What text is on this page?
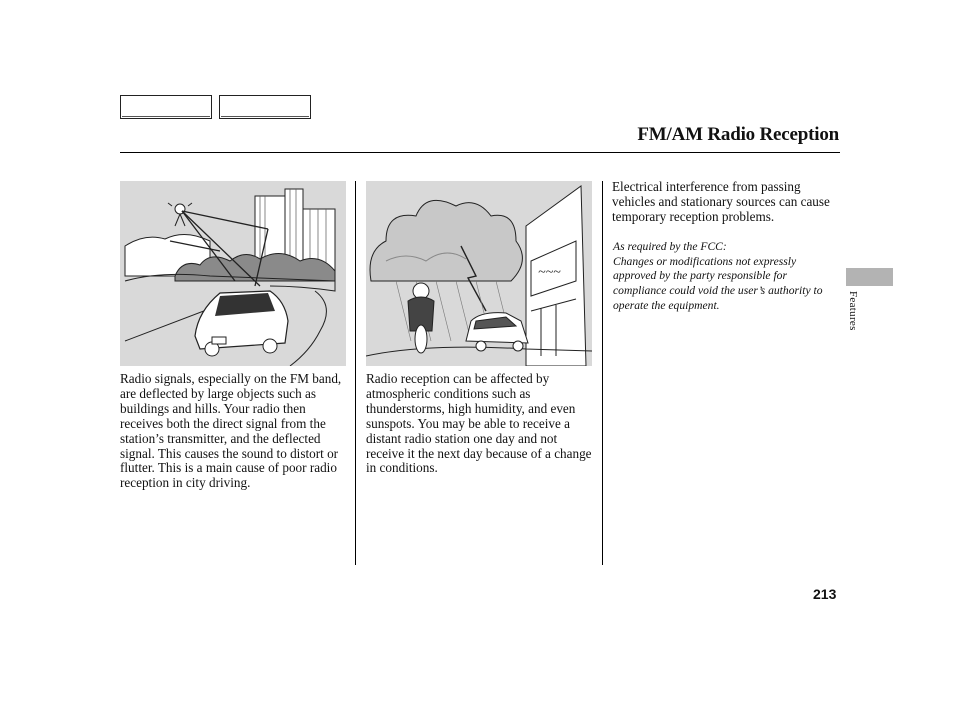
FM/AM Radio Reception
~~~

Radio signals, especially on the FM band, are deflected by large objects such as buildings and hills. Your radio then receives both the direct signal from the station’s transmitter, and the deflected signal. This causes the sound to distort or flutter. This is a main cause of poor radio reception in city driving.

Radio reception can be affected by atmospheric conditions such as thunderstorms, high humidity, and even sunspots. You may be able to receive a distant radio station one day and not receive it the next day because of a change in conditions.

Electrical interference from passing vehicles and stationary sources can cause temporary reception problems.

As required by the FCC:

Changes or modifications not expressly approved by the party responsible for compliance could void the user’s authority to operate the equipment.	Features
213
